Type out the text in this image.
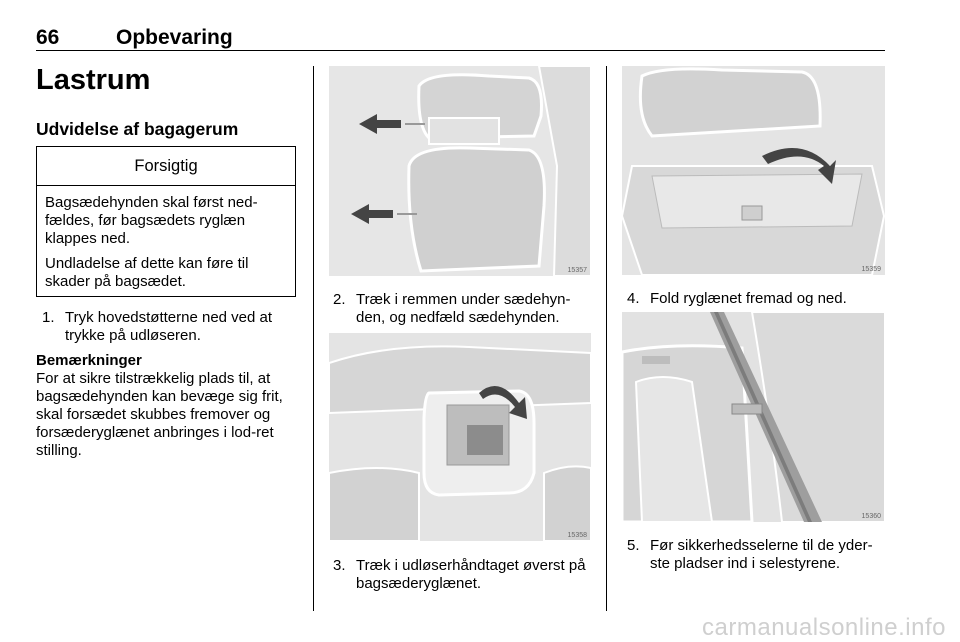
66	Opbevaring
Lastrum
Udvidelse af bagagerum
Forsigtig

Bagsædehynden skal først ned-fældes, før bagsædets ryglæn klappes ned.

Undladelse af dette kan føre til skader på bagsædet.

1. Tryk hovedstøtterne ned ved at trykke på udløseren.
Bemærkninger
For at sikre tilstrækkelig plads til, at bagsædehynden kan bevæge sig frit, skal forsædet skubbes fremover og forsæderyglænet anbringes i lod-ret stilling.
15357
2. Træk i remmen under sædehyn-den, og nedfæld sædehynden.
15358
3. Træk i udløserhåndtaget øverst på bagsæderyglænet.
15359
4. Fold ryglænet fremad og ned.
15360
5. Før sikkerhedsselerne til de yder-ste pladser ind i selestyrene.
carmanualsonline.info
